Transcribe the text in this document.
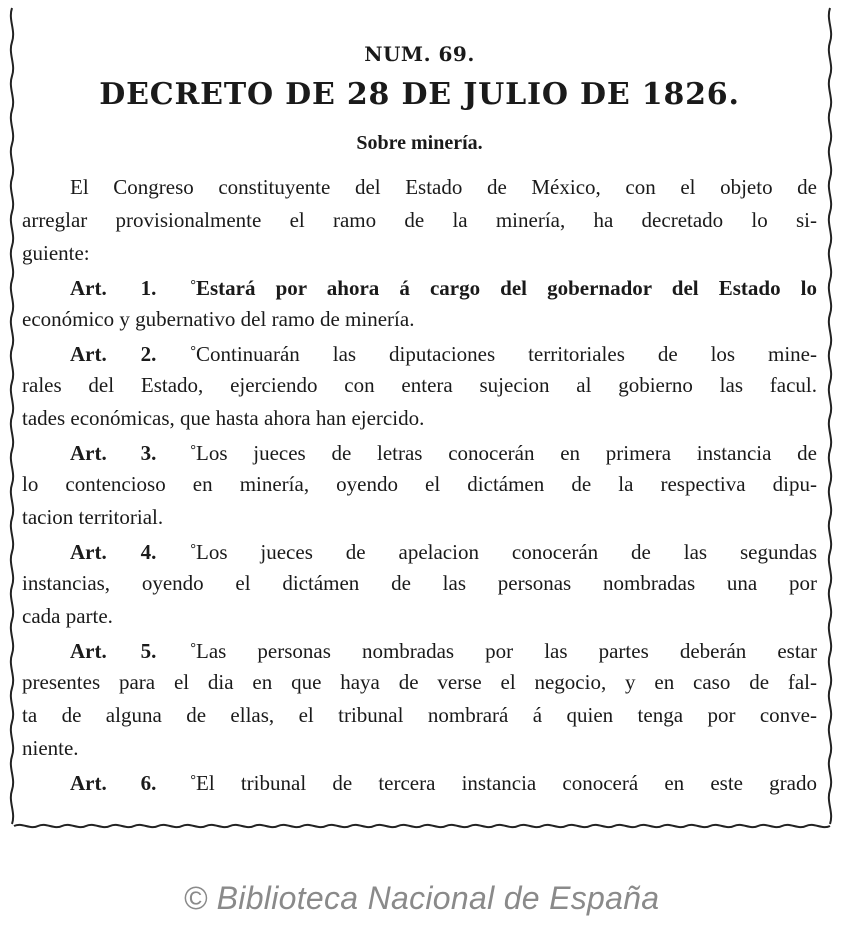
NUM. 69.
DECRETO DE 28 DE JULIO DE 1826.
Sobre minería.
El Congreso constituyente del Estado de México, con el objeto de
arreglar provisionalmente el ramo de la minería, ha decretado lo si-
guiente:
Art. 1. °Estará por ahora á cargo del gobernador del Estado lo
económico y gubernativo del ramo de minería.
Art. 2. °Continuarán las diputaciones territoriales de los mine-
rales del Estado, ejerciendo con entera sujecion al gobierno las facul.
tades económicas, que hasta ahora han ejercido.
Art. 3. °Los jueces de letras conocerán en primera instancia de
lo contencioso en minería, oyendo el dictámen de la respectiva dipu-
tacion territorial.
Art. 4. °Los jueces de apelacion conocerán de las segundas
instancias, oyendo el dictámen de las personas nombradas una por
cada parte.
Art. 5. °Las personas nombradas por las partes deberán estar
presentes para el dia en que haya de verse el negocio, y en caso de fal-
ta de alguna de ellas, el tribunal nombrará á quien tenga por conve-
niente.
Art. 6. °El tribunal de tercera instancia conocerá en este grado
© Biblioteca Nacional de España
